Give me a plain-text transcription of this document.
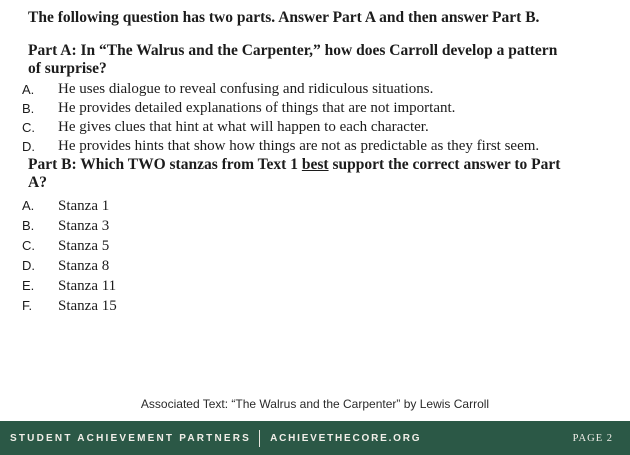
The following question has two parts. Answer Part A and then answer Part B.
Part A: In “The Walrus and the Carpenter,” how does Carroll develop a pattern
of surprise?
A.	He uses dialogue to reveal confusing and ridiculous situations.
B.	He provides detailed explanations of things that are not important.
C.	He gives clues that hint at what will happen to each character.
D.	He provides hints that show how things are not as predictable as they first seem.
Part B: Which TWO stanzas from Text 1 best support the correct answer to Part
A?
A.	Stanza 1
B.	Stanza 3
C.	Stanza 5
D.	Stanza 8
E.	Stanza 11
F.	Stanza 15
Associated Text: “The Walrus and the Carpenter” by Lewis Carroll
STUDENT ACHIEVEMENT PARTNERS ACHIEVETHECORE.ORG	PAGE 2
